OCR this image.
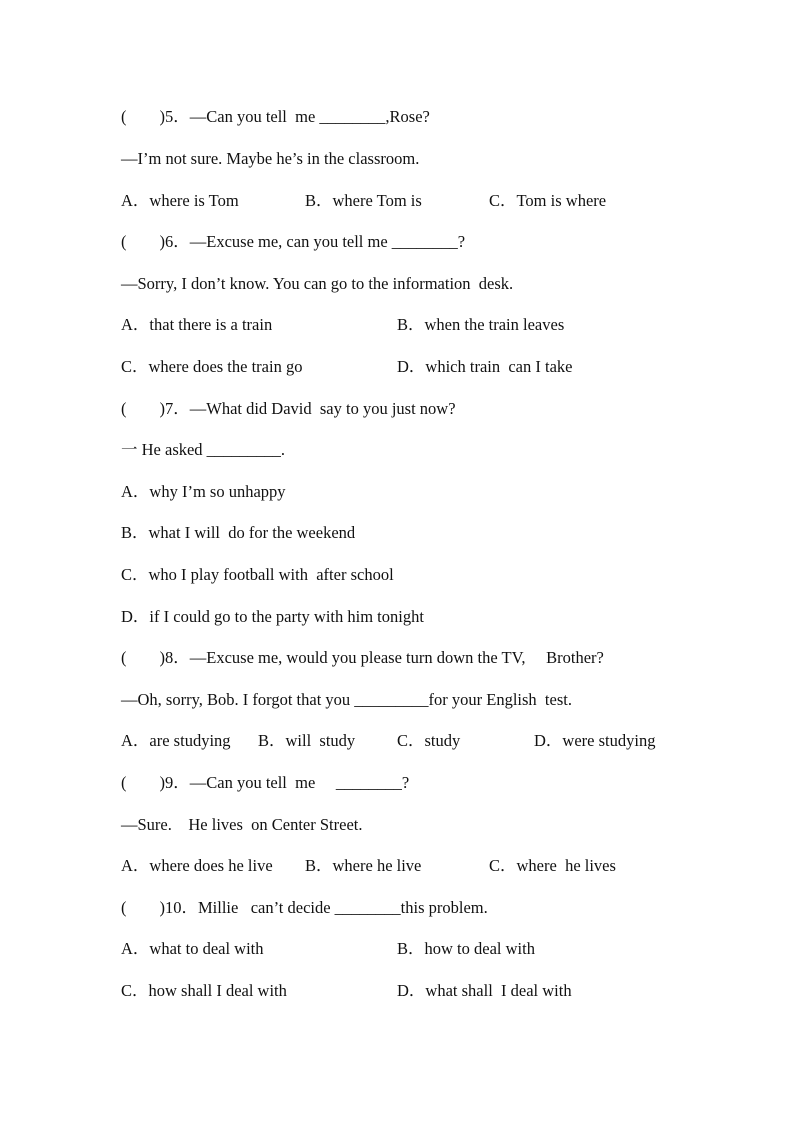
(        )5．—Can you tell  me ________,Rose?
—I’m not sure. Maybe he’s in the classroom.
A．where is Tom	B．where Tom is	C．Tom is where
(        )6．—Excuse me, can you tell me ________?
—Sorry, I don’t know. You can go to the information  desk.
A．that there is a train	B．when the train leaves
C．where does the train go	D．which train  can I take
(        )7．—What did David  say to you just now?
一 He asked _________.
A．why I’m so unhappy
B．what I will  do for the weekend
C．who I play football with  after school
D．if I could go to the party with him tonight
(        )8．—Excuse me, would you please turn down the TV,     Brother?
—Oh, sorry, Bob. I forgot that you _________for your English  test.
A．are studying B．will  study	C．study	D．were studying
(        )9．—Can you tell  me     ________?
—Sure.    He lives  on Center Street.
A．where does he live B．where he live	C．where  he lives
(        )10．Millie   can’t decide ________this problem.
A．what to deal with	B．how to deal with
C．how shall I deal with	D．what shall  I deal with
